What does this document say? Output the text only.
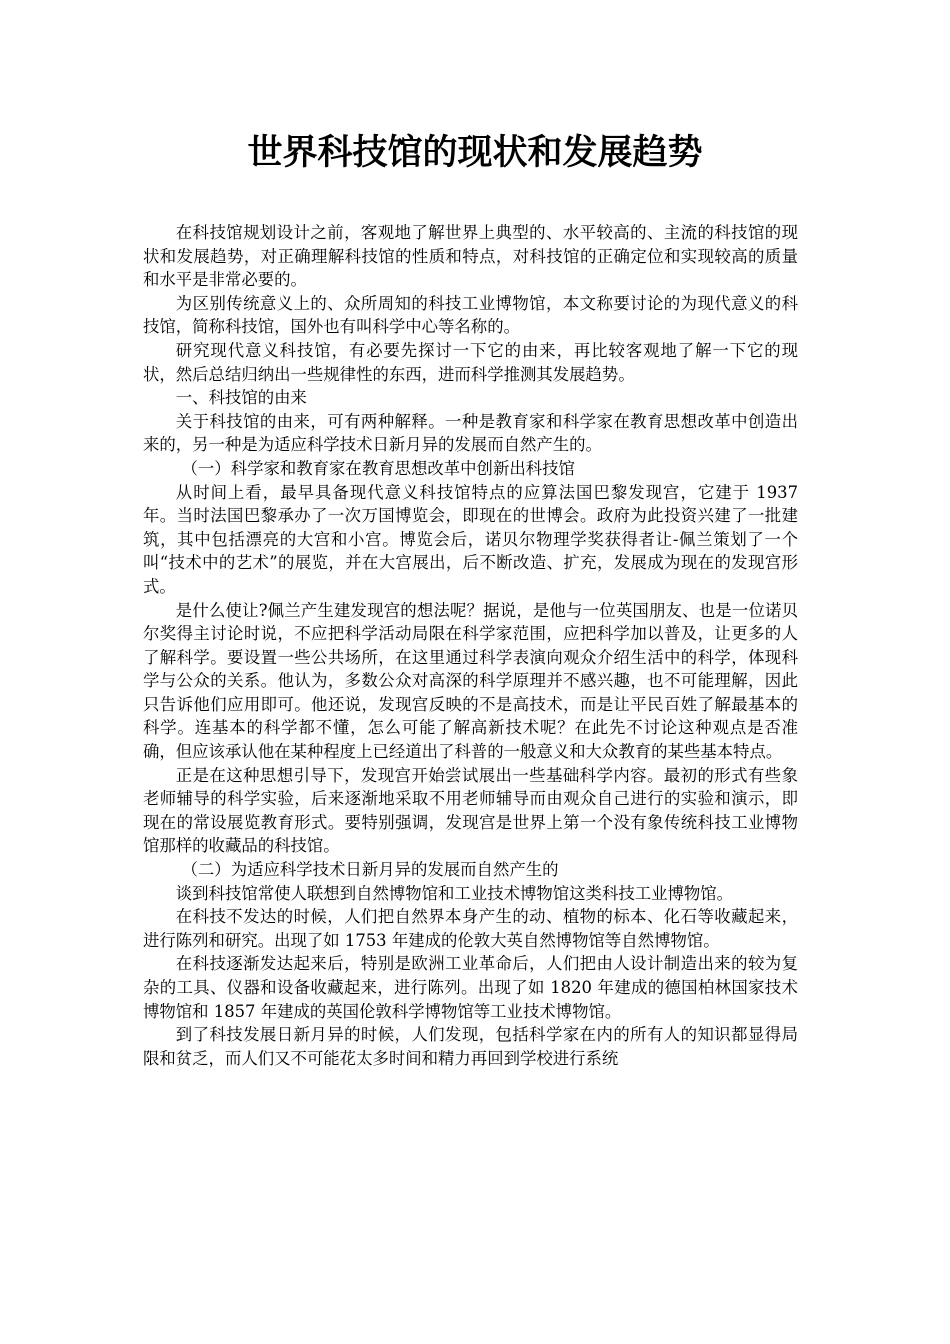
世界科技馆的现状和发展趋势

在科技馆规划设计之前，客观地了解世界上典型的、水平较高的、主流的科技馆的现状和发展趋势，对正确理解科技馆的性质和特点，对科技馆的正确定位和实现较高的质量和水平是非常必要的。

为区别传统意义上的、众所周知的科技工业博物馆，本文称要讨论的为现代意义的科技馆，简称科技馆，国外也有叫科学中心等名称的。

研究现代意义科技馆，有必要先探讨一下它的由来，再比较客观地了解一下它的现状，然后总结归纳出一些规律性的东西，进而科学推测其发展趋势。

一、科技馆的由来

关于科技馆的由来，可有两种解释。一种是教育家和科学家在教育思想改革中创造出来的，另一种是为适应科学技术日新月异的发展而自然产生的。

（一）科学家和教育家在教育思想改革中创新出科技馆

从时间上看，最早具备现代意义科技馆特点的应算法国巴黎发现宫，它建于 1937 年。当时法国巴黎承办了一次万国博览会，即现在的世博会。政府为此投资兴建了一批建筑，其中包括漂亮的大宫和小宫。博览会后，诺贝尔物理学奖获得者让-佩兰策划了一个叫“技术中的艺术”的展览，并在大宫展出，后不断改造、扩充，发展成为现在的发现宫形式。

是什么使让?佩兰产生建发现宫的想法呢？据说，是他与一位英国朋友、也是一位诺贝尔奖得主讨论时说，不应把科学活动局限在科学家范围，应把科学加以普及，让更多的人了解科学。要设置一些公共场所，在这里通过科学表演向观众介绍生活中的科学，体现科学与公众的关系。他认为，多数公众对高深的科学原理并不感兴趣，也不可能理解，因此只告诉他们应用即可。他还说，发现宫反映的不是高技术，而是让平民百姓了解最基本的科学。连基本的科学都不懂，怎么可能了解高新技术呢？在此先不讨论这种观点是否准确，但应该承认他在某种程度上已经道出了科普的一般意义和大众教育的某些基本特点。

正是在这种思想引导下，发现宫开始尝试展出一些基础科学内容。最初的形式有些象老师辅导的科学实验，后来逐渐地采取不用老师辅导而由观众自己进行的实验和演示，即现在的常设展览教育形式。要特别强调，发现宫是世界上第一个没有象传统科技工业博物馆那样的收藏品的科技馆。

（二）为适应科学技术日新月异的发展而自然产生的

谈到科技馆常使人联想到自然博物馆和工业技术博物馆这类科技工业博物馆。

在科技不发达的时候，人们把自然界本身产生的动、植物的标本、化石等收藏起来，进行陈列和研究。出现了如 1753 年建成的伦敦大英自然博物馆等自然博物馆。

在科技逐渐发达起来后，特别是欧洲工业革命后，人们把由人设计制造出来的较为复杂的工具、仪器和设备收藏起来，进行陈列。出现了如 1820 年建成的德国柏林国家技术博物馆和 1857 年建成的英国伦敦科学博物馆等工业技术博物馆。

到了科技发展日新月异的时候，人们发现，包括科学家在内的所有人的知识都显得局限和贫乏，而人们又不可能花太多时间和精力再回到学校进行系统
